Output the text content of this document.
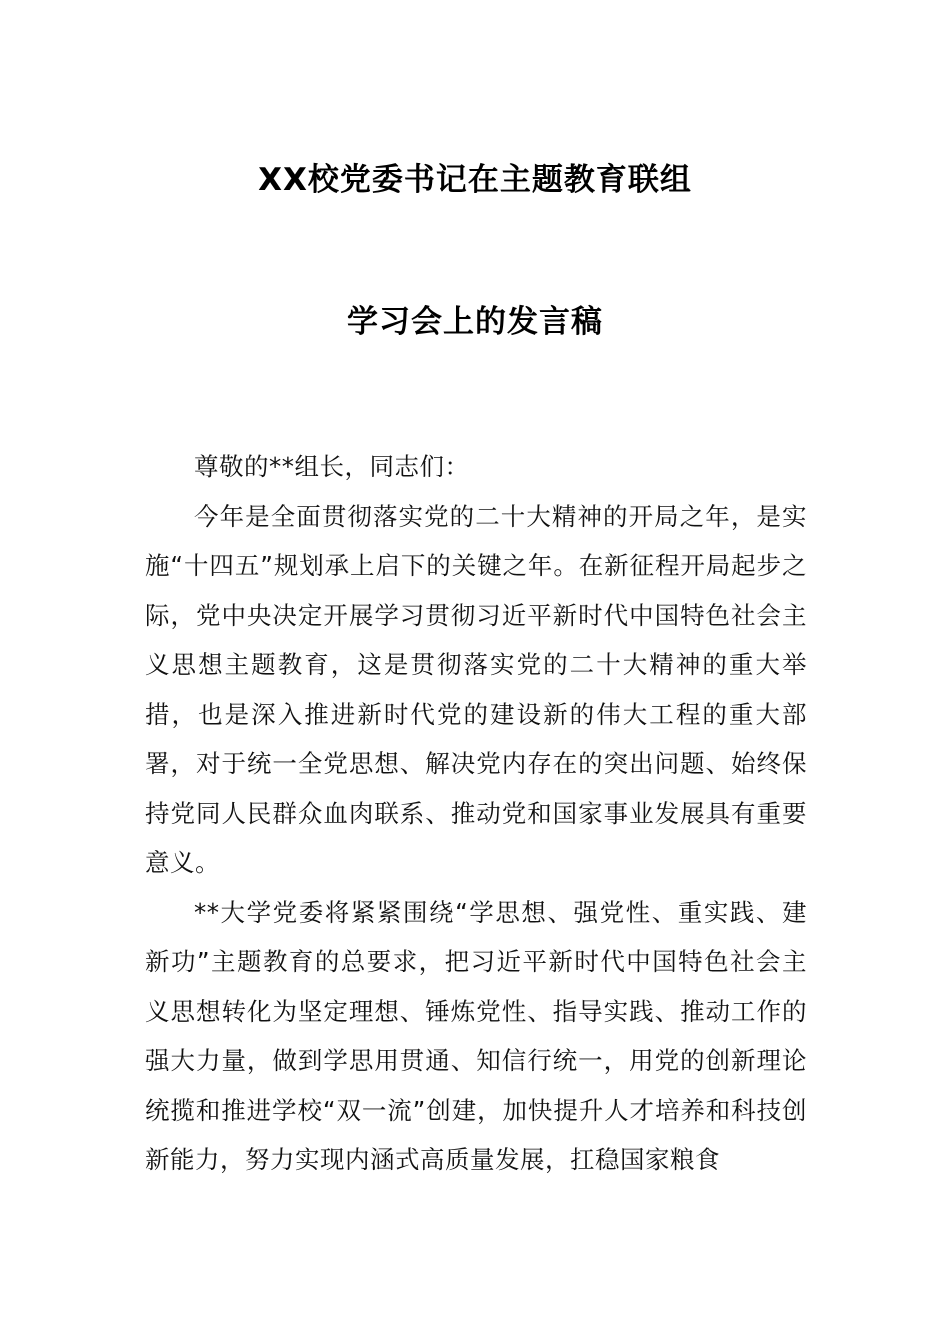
XX校党委书记在主题教育联组
学习会上的发言稿

尊敬的**组长，同志们：

今年是全面贯彻落实党的二十大精神的开局之年，是实施“十四五”规划承上启下的关键之年。在新征程开局起步之际，党中央决定开展学习贯彻习近平新时代中国特色社会主义思想主题教育，这是贯彻落实党的二十大精神的重大举措，也是深入推进新时代党的建设新的伟大工程的重大部署，对于统一全党思想、解决党内存在的突出问题、始终保持党同人民群众血肉联系、推动党和国家事业发展具有重要意义。

**大学党委将紧紧围绕“学思想、强党性、重实践、建新功”主题教育的总要求，把习近平新时代中国特色社会主义思想转化为坚定理想、锤炼党性、指导实践、推动工作的强大力量，做到学思用贯通、知信行统一，用党的创新理论统揽和推进学校“双一流”创建，加快提升人才培养和科技创新能力，努力实现内涵式高质量发展，扛稳国家粮食
